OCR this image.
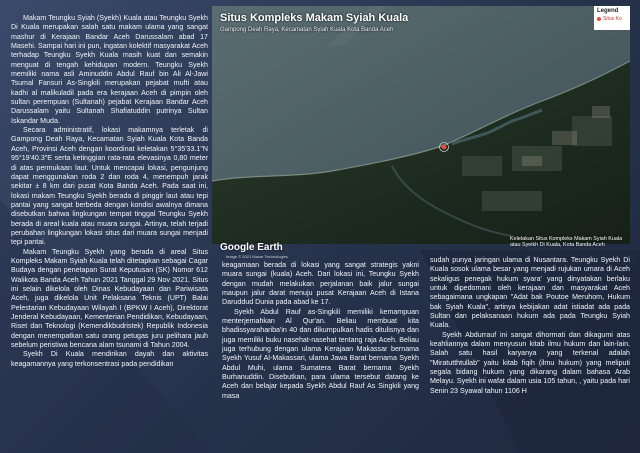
Makam Teungku Syiah (Syekh) Kuala atau Teungku Syekh Di Kuala merupakan salah satu makam ulama yang sangat mashur di Kerajaan Bandar Aceh Darussalam abad 17 Masehi. Sampai hari ini pun, ingatan kolektif masyarakat Aceh terhadap Teungku Syekh Kuala masih kuat dan semakin menguat di tengah kehidupan modern. Teungku Syekh memiliki nama asli Aminuddin Abdul Rauf bin Ali Al-Jawi Tsumal Fansuri As-Singkili merupakan pejabat mufti atau kadhi al malikuladil pada era kerajaan Aceh di pimpin oleh sultan perempuan (Sultanah) pejabat Kerajaan Bandar Aceh Darussalam yaitu Sultanah Shafiatuddin putrinya Sultan Iskandar Muda.

Secara administratif, lokasi makamnya terletak di Gampong Deah Raya, Kecamatan Syiah Kuala Kota Banda Aceh, Provinsi Aceh dengan koordinat keletakan 5°35'33.1"N 95°19'40.3"E serta ketinggian rata-rata elevasinya 0,80 meter di atas permukaan laut. Untuk mencapai lokasi, pengunjung dapat menggunakan roda 2 dan roda 4, menempuh jarak sekitar ± 8 km dari pusat Kota Banda Aceh. Pada saat ini, lokasi makam Teungku Syekh berada di pinggir laut atau tepi pantai yang sangat berbeda dengan kondisi awalnya dimana disebutkan bahwa lingkungan tempat tinggal Teungku Syekh berada di areal kuala atau muara sungai. Artinya, telah terjadi perubahan lingkungan lokasi situs dari muara sungai menjadi tepi pantai.

Makam Teungku Syekh yang berada di areal Situs Kompleks Makam Syiah Kuala telah ditetapkan sebagai Cagar Budaya dengan penetapan Surat Keputusan (SK) Nomor 612 Walikota Banda Aceh Tahun 2021 Tanggal 29 Nov 2021. Situs ini selain dikelola oleh Dinas Kebudayaan dan Pariwisata Aceh, juga dikelola Unit Pelaksana Teknis (UPT) Balai Pelestarian Kebudayaan Wilayah I (BPKW I Aceh), Direktorat Jenderal Kebudayaan, Kementerian Pendidikan, Kebudayaan, Riset dan Teknologi (Kemendikbudristek) Republik Indonesia dengan menempatkan satu orang petugas juru pelihara jauh sebelum peristiwa bencana alam tsunami di Tahun 2004.

Syekh Di Kuala mendirikan dayah dan aktivitas keagamannya yang terkonsentrasi pada pendidikan

Situs Kompleks Makam Syiah Kuala
Gampong Deah Raya, Kecamatan Syiah Kuala Kota Banda Aceh
Legend
Situs Ko
Google Earth
Keletakan Situs Kompleks Makam Syiah Kuala atau Syeikh Di Kuala, Kota Banda Aceh
Image © 2021 Maxar Technologies

keagamaan berada di lokasi yang sangat strategis yakni muara sungai (kuala) Aceh. Dari lokasi ini, Teungku Syekh dengan mudah melakukan perjalanan baik jalur sungai maupun jalur darat menuju pusat Kerajaan Aceh di Istana Daruddud Dunia pada abad ke 17.

Syekh Abdul Rauf as-Singkili memiliki kemampuan menterjemahkan Al Qur'an. Beliau membuat kita bhadissyarahariba'in 40 dan dikumpulkan hadis ditulisnya dan juga memiliki buku nasehat-nasehat tentang raja Aceh. Beliau juga terhubung dengan ulama Kerajaan Makassar bernama Syekh Yusuf Al-Makassari, ulama Jawa Barat bernama Syekh Abdul Muhi, ulama Sumatera Barat bernama Syekh Burhanuddin. Disebutkan, para ulama tersebut datang ke Aceh dan belajar kepada Syekh Abdul Rauf As Singkili yang masa

sudah punya jaringan ulama di Nusantara. Teungku Syekh Di Kuala sosok ulama besar yang menjadi rujukan umara di Aceh sekaligus penegak hukum syara' yang dinyatakan berlaku untuk dipedomani oleh kerajaan dan masyarakat Aceh sebagaimana ungkapan "Adat bak Poutoe Meruhom, Hukum bak Syiah Kuala", artinya kebijakan adat istiadat ada pada Sultan dan pelaksanaan hukum ada pada Teungku Syiah Kuala.

Syekh Abdurrauf ini sangat dihormati dan dikagumi atas keahliannya dalam menyusun kitab ilmu hukum dan lain-lain. Salah satu hasil karyanya yang terkenal adalah "Miratutthtullab" yaitu kitab fiqih (ilmu hukum) yang meliputi segala bidang hukum yang dikarang dalam bahasa Arab Melayu. Syekh ini wafat dalam usia 105 tahun, , yaitu pada hari Senin 23 Syawal tahun 1106 H
